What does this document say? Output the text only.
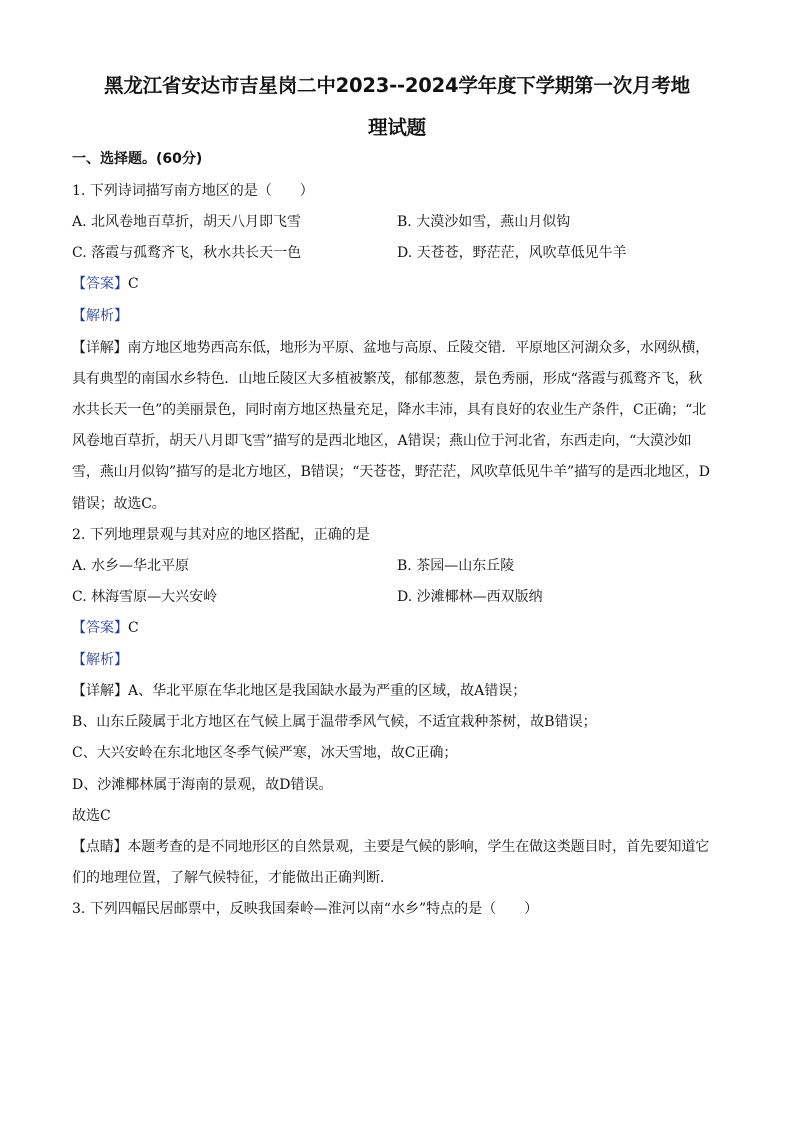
黑龙江省安达市吉星岗二中2023--2024学年度下学期第一次月考地
理试题
一、选择题。(60分)
1. 下列诗词描写南方地区的是（　　）
A. 北风卷地百草折，胡天八月即飞雪	B. 大漠沙如雪，燕山月似钩
C. 落霞与孤鹜齐飞，秋水共长天一色	D. 天苍苍，野茫茫，风吹草低见牛羊
【答案】C
【解析】
【详解】南方地区地势西高东低，地形为平原、盆地与高原、丘陵交错．平原地区河湖众多，水网纵横，
具有典型的南国水乡特色．山地丘陵区大多植被繁茂，郁郁葱葱，景色秀丽，形成“落霞与孤鹜齐飞，秋
水共长天一色”的美丽景色，同时南方地区热量充足，降水丰沛，具有良好的农业生产条件，C正确；“北
风卷地百草折，胡天八月即飞雪”描写的是西北地区，A错误；燕山位于河北省，东西走向，“大漠沙如
雪，燕山月似钩”描写的是北方地区，B错误；“天苍苍，野茫茫，风吹草低见牛羊”描写的是西北地区，D
错误；故选C。
2. 下列地理景观与其对应的地区搭配，正确的是
A. 水乡—华北平原	B. 茶园—山东丘陵
C. 林海雪原—大兴安岭	D. 沙滩椰林—西双版纳
【答案】C
【解析】
【详解】A、华北平原在华北地区是我国缺水最为严重的区域，故A错误；
B、山东丘陵属于北方地区在气候上属于温带季风气候，不适宜栽种茶树，故B错误；
C、大兴安岭在东北地区冬季气候严寒，冰天雪地，故C正确；
D、沙滩椰林属于海南的景观，故D错误。
故选C
【点睛】本题考查的是不同地形区的自然景观，主要是气候的影响，学生在做这类题目时，首先要知道它
们的地理位置，了解气候特征，才能做出正确判断．
3. 下列四幅民居邮票中，反映我国秦岭—淮河以南“水乡”特点的是（　　）
